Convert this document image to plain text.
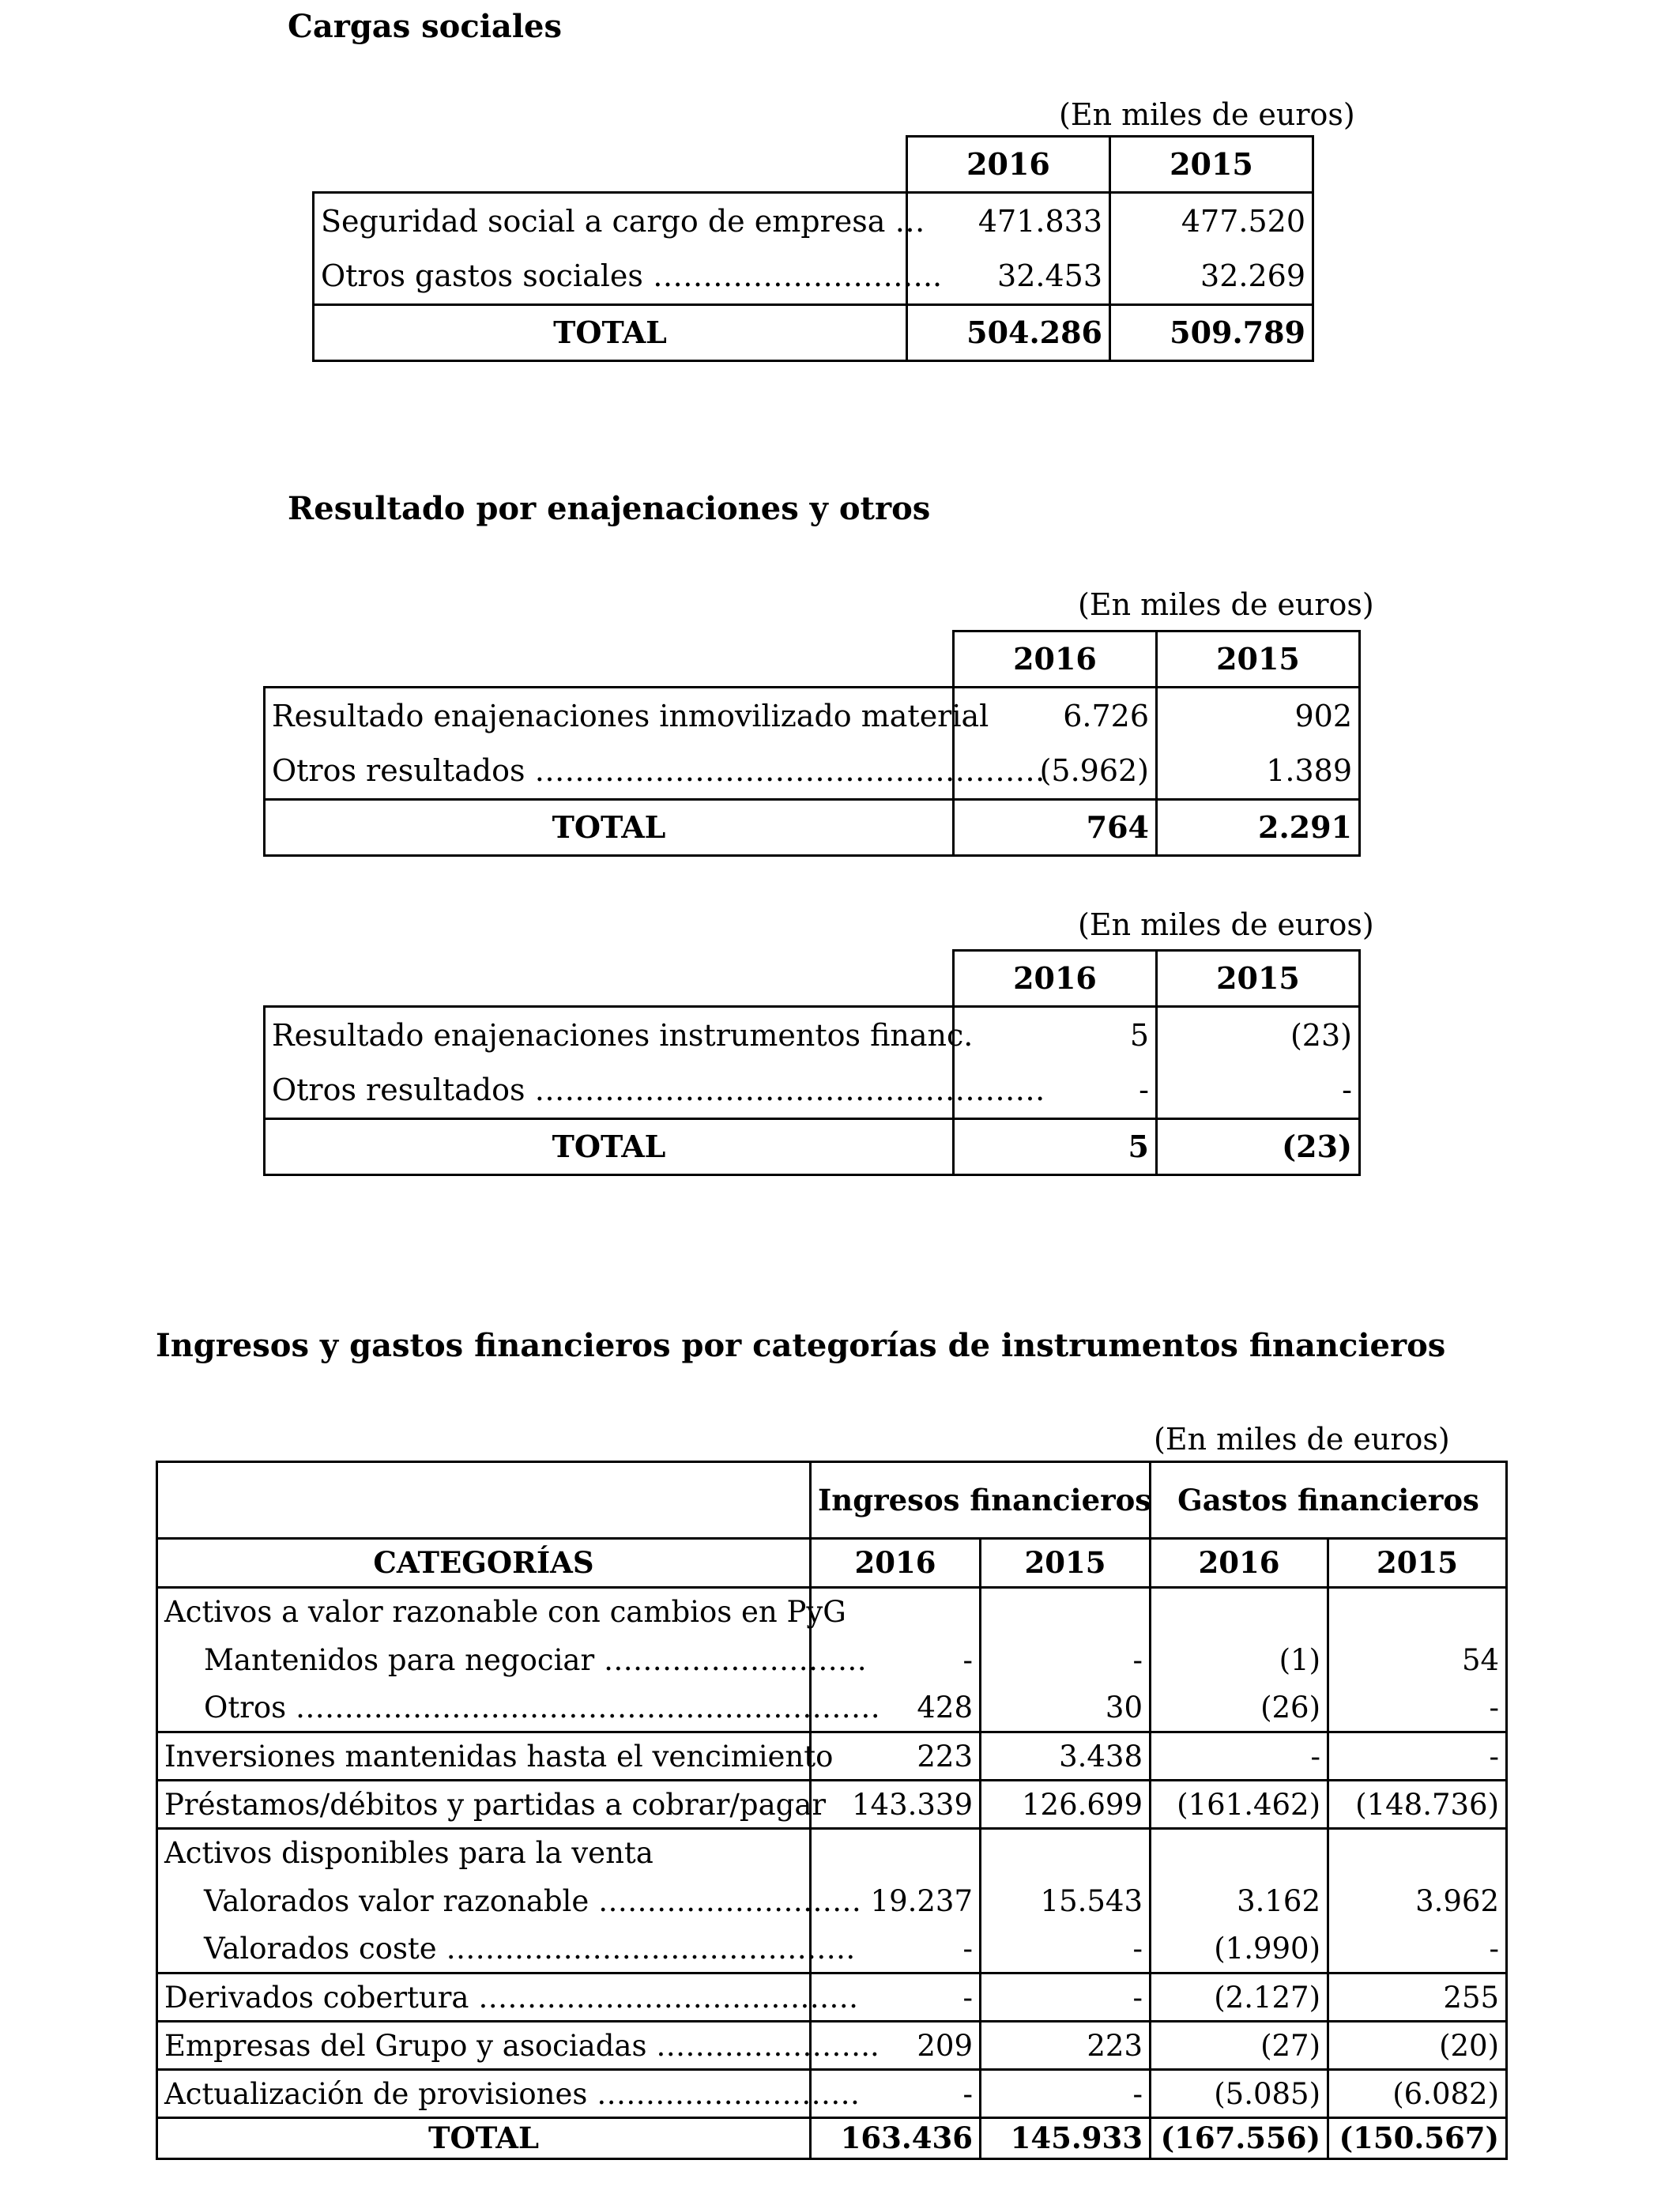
Cargas sociales
(En miles de euros)
	2016	2015
Seguridad social a cargo de empresa …	471.833	477.520
Otros gastos sociales ………………………..	32.453	32.269
TOTAL	504.286	509.789
Resultado por enajenaciones y otros
(En miles de euros)
	2016	2015
Resultado enajenaciones inmovilizado material	6.726	902
Otros resultados ……………………………………………	(5.962)	1.389
TOTAL	764	2.291
(En miles de euros)
	2016	2015
Resultado enajenaciones instrumentos financ.	5	(23)
Otros resultados ……………………………………………	-	-
TOTAL	5	(23)
Ingresos y gastos financieros por categorías de instrumentos financieros
(En miles de euros)
	Ingresos financieros		Gastos financieros	
CATEGORÍAS	2016	2015	2016	2015
Activos a valor razonable con cambios en PyG				
Mantenidos para negociar ………………………	-	-	(1)	54
Otros ……………………………………………………	428	30	(26)	-
Inversiones mantenidas hasta el vencimiento	223	3.438	-	-
Préstamos/débitos y partidas a cobrar/pagar	143.339	126.699	(161.462)	(148.736)
Activos disponibles para la venta				
Valorados valor razonable ………………………	19.237	15.543	3.162	3.962
Valorados coste ……………………………………	-	-	(1.990)	-
Derivados cobertura …………………………………	-	-	(2.127)	255
Empresas del Grupo y asociadas …………………..	209	223	(27)	(20)
Actualización de provisiones ………………………	-	-	(5.085)	(6.082)
TOTAL	163.436	145.933	(167.556)	(150.567)
